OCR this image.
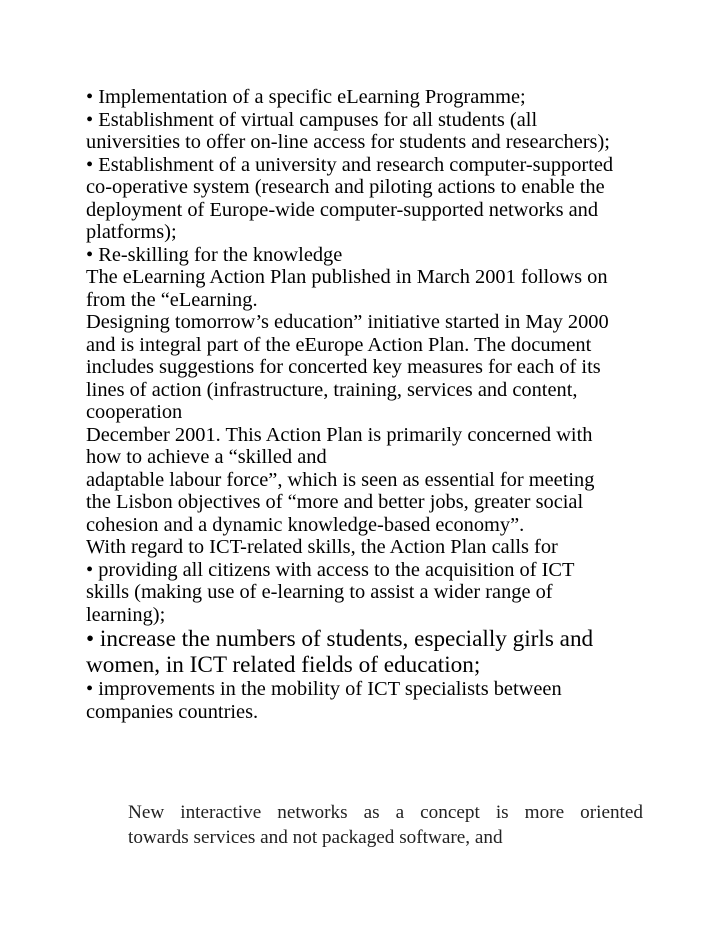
• Implementation of a specific eLearning Programme;
• Establishment of virtual campuses for all students (all
universities to offer on-line access for students and researchers);
• Establishment of a university and research computer-supported
co-operative system (research and piloting actions to enable the
deployment of Europe-wide computer-supported networks and
platforms);
• Re-skilling for the knowledge
The eLearning Action Plan published in March 2001 follows on
from the “eLearning.
Designing tomorrow’s education” initiative started in May 2000
and is integral part of the eEurope Action Plan. The document
includes suggestions for concerted key measures for each of its
lines of action (infrastructure, training, services and content,
cooperation
December 2001. This Action Plan is primarily concerned with
how to achieve a “skilled and
adaptable labour force”, which is seen as essential for meeting
the Lisbon objectives of “more and better jobs, greater social
cohesion and a dynamic knowledge-based economy”.
With regard to ICT-related skills, the Action Plan calls for
• providing all citizens with access to the acquisition of ICT
skills (making use of e-learning to assist a wider range of
learning);
• increase the numbers of students, especially girls and
women, in ICT related fields of education;
• improvements in the mobility of ICT specialists between
companies countries.
New interactive networks as a concept is more oriented
towards services and not packaged software, and
